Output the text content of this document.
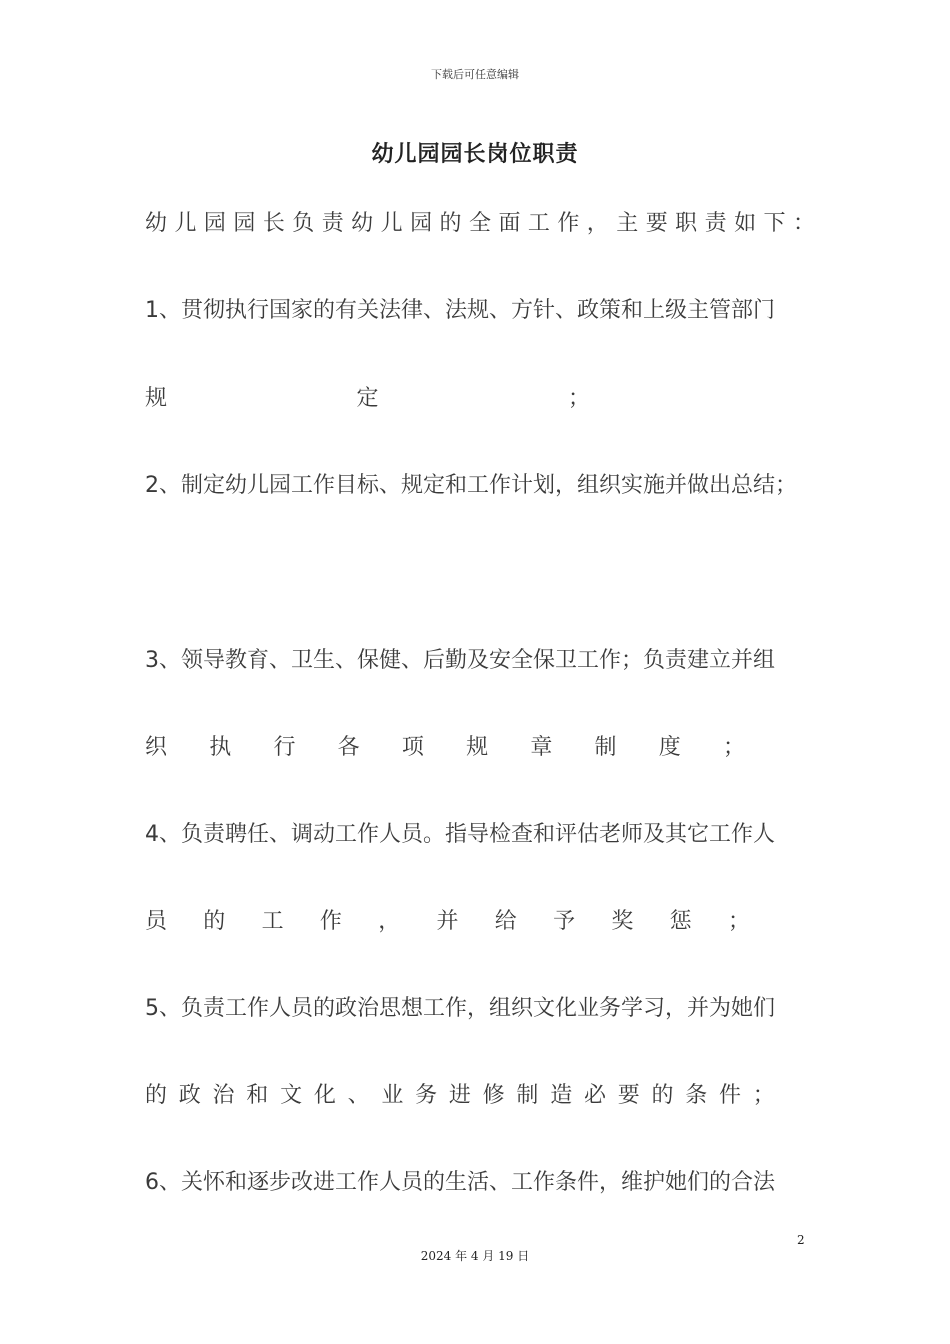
下载后可任意编辑
幼儿园园长岗位职责
幼 儿 园 园 长 负 责 幼 儿 园 的 全 面 工 作 ， 主 要 职 责 如 下 ：
1、贯彻执行国家的有关法律、法规、方针、政策和上级主管部门
规	定	；
2、制定幼儿园工作目标、规定和工作计划，组织实施并做出总结；
3、领导教育、卫生、保健、后勤及安全保卫工作；负责建立并组
织 执 行 各 项 规 章 制 度 ；
4、负责聘任、调动工作人员。指导检查和评估老师及其它工作人
员 的 工 作 ， 并 给 予 奖 惩 ；
5、负责工作人员的政治思想工作，组织文化业务学习，并为她们
的 政 治 和 文 化 、 业 务 进 修 制 造 必 要 的 条 件 ；
6、关怀和逐步改进工作人员的生活、工作条件，维护她们的合法
2
2024 年 4 月 19 日
